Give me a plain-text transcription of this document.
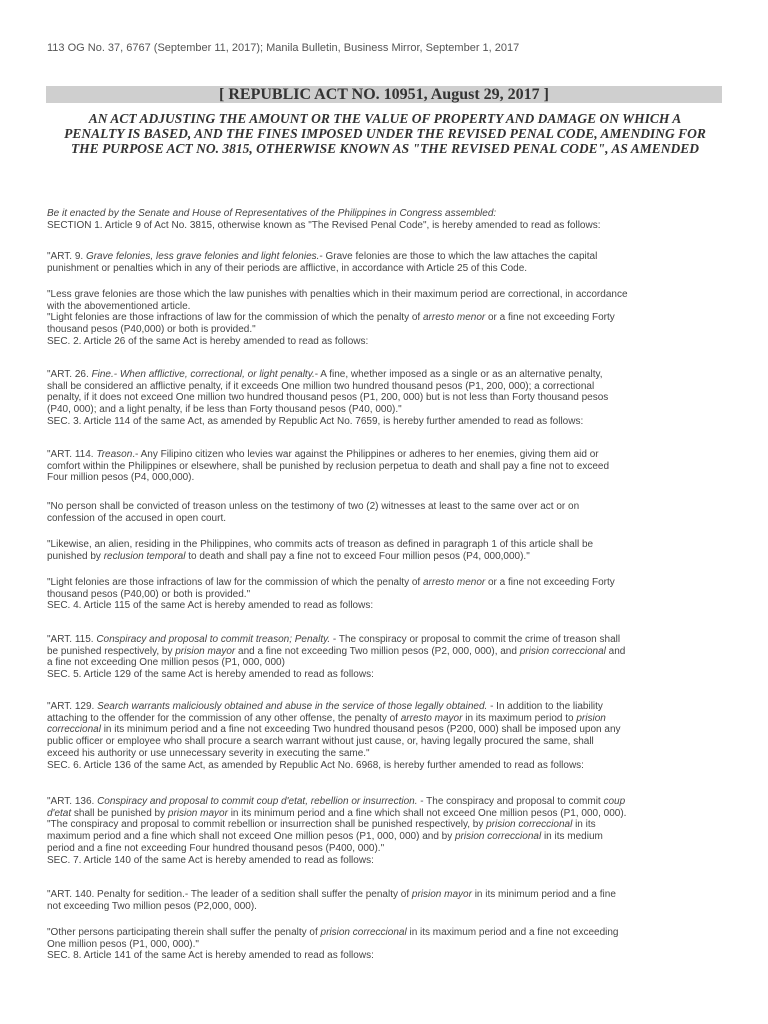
113 OG No. 37, 6767 (September 11, 2017); Manila Bulletin, Business Mirror, September 1, 2017
[ REPUBLIC ACT NO. 10951, August 29, 2017 ]
AN ACT ADJUSTING THE AMOUNT OR THE VALUE OF PROPERTY AND DAMAGE ON WHICH A PENALTY IS BASED, AND THE FINES IMPOSED UNDER THE REVISED PENAL CODE, AMENDING FOR THE PURPOSE ACT NO. 3815, OTHERWISE KNOWN AS "THE REVISED PENAL CODE", AS AMENDED
Be it enacted by the Senate and House of Representatives of the Philippines in Congress assembled:
SECTION 1. Article 9 of Act No. 3815, otherwise known as "The Revised Penal Code", is hereby amended to read as follows:
"ART. 9. Grave felonies, less grave felonies and light felonies.- Grave felonies are those to which the law attaches the capital
punishment or penalties which in any of their periods are afflictive, in accordance with Article 25 of this Code.
"Less grave felonies are those which the law punishes with penalties which in their maximum period are correctional, in accordance
with the abovementioned article.
"Light felonies are those infractions of law for the commission of which the penalty of arresto menor or a fine not exceeding Forty
thousand pesos (P40,000) or both is provided."
SEC. 2. Article 26 of the same Act is hereby amended to read as follows:
"ART. 26. Fine.- When afflictive, correctional, or light penalty.- A fine, whether imposed as a single or as an alternative penalty,
shall be considered an afflictive penalty, if it exceeds One million two hundred thousand pesos (P1, 200, 000); a correctional
penalty, if it does not exceed One million two hundred thousand pesos (P1, 200, 000) but is not less than Forty thousand pesos
(P40, 000); and a light penalty, if be less than Forty thousand pesos (P40, 000)."
SEC. 3. Article 114 of the same Act, as amended by Republic Act No. 7659, is hereby further amended to read as follows:
"ART. 114. Treason.- Any Filipino citizen who levies war against the Philippines or adheres to her enemies, giving them aid or
comfort within the Philippines or elsewhere, shall be punished by reclusion perpetua to death and shall pay a fine not to exceed
Four million pesos (P4, 000,000).
"No person shall be convicted of treason unless on the testimony of two (2) witnesses at least to the same over act or on
confession of the accused in open court.
"Likewise, an alien, residing in the Philippines, who commits acts of treason as defined in paragraph 1 of this article shall be
punished by reclusion temporal to death and shall pay a fine not to exceed Four million pesos (P4, 000,000)."
"Light felonies are those infractions of law for the commission of which the penalty of arresto menor or a fine not exceeding Forty
thousand pesos (P40,00) or both is provided."
SEC. 4. Article 115 of the same Act is hereby amended to read as follows:
"ART. 115. Conspiracy and proposal to commit treason; Penalty. - The conspiracy or proposal to commit the crime of treason shall
be punished respectively, by prision mayor and a fine not exceeding Two million pesos (P2, 000, 000), and prision correccional and
a fine not exceeding One million pesos (P1, 000, 000)
SEC. 5. Article 129 of the same Act is hereby amended to read as follows:
"ART. 129. Search warrants maliciously obtained and abuse in the service of those legally obtained. - In addition to the liability
attaching to the offender for the commission of any other offense, the penalty of arresto mayor in its maximum period to prision
correccional in its minimum period and a fine not exceeding Two hundred thousand pesos (P200, 000) shall be imposed upon any
public officer or employee who shall procure a search warrant without just cause, or, having legally procured the same, shall
exceed his authority or use unnecessary severity in executing the same."
SEC. 6. Article 136 of the same Act, as amended by Republic Act No. 6968, is hereby further amended to read as follows:
"ART. 136. Conspiracy and proposal to commit coup d'etat, rebellion or insurrection. - The conspiracy and proposal to commit coup
d'etat shall be punished by prision mayor in its minimum period and a fine which shall not exceed One million pesos (P1, 000, 000).
"The conspiracy and proposal to commit rebellion or insurrection shall be punished respectively, by prision correccional in its
maximum period and a fine which shall not exceed One million pesos (P1, 000, 000) and by prision correccional in its medium
period and a fine not exceeding Four hundred thousand pesos (P400, 000)."
SEC. 7. Article 140 of the same Act is hereby amended to read as follows:
"ART. 140. Penalty for sedition.- The leader of a sedition shall suffer the penalty of prision mayor in its minimum period and a fine
not exceeding Two million pesos (P2,000, 000).
"Other persons participating therein shall suffer the penalty of prision correccional in its maximum period and a fine not exceeding
One million pesos (P1, 000, 000)."
SEC. 8. Article 141 of the same Act is hereby amended to read as follows:
